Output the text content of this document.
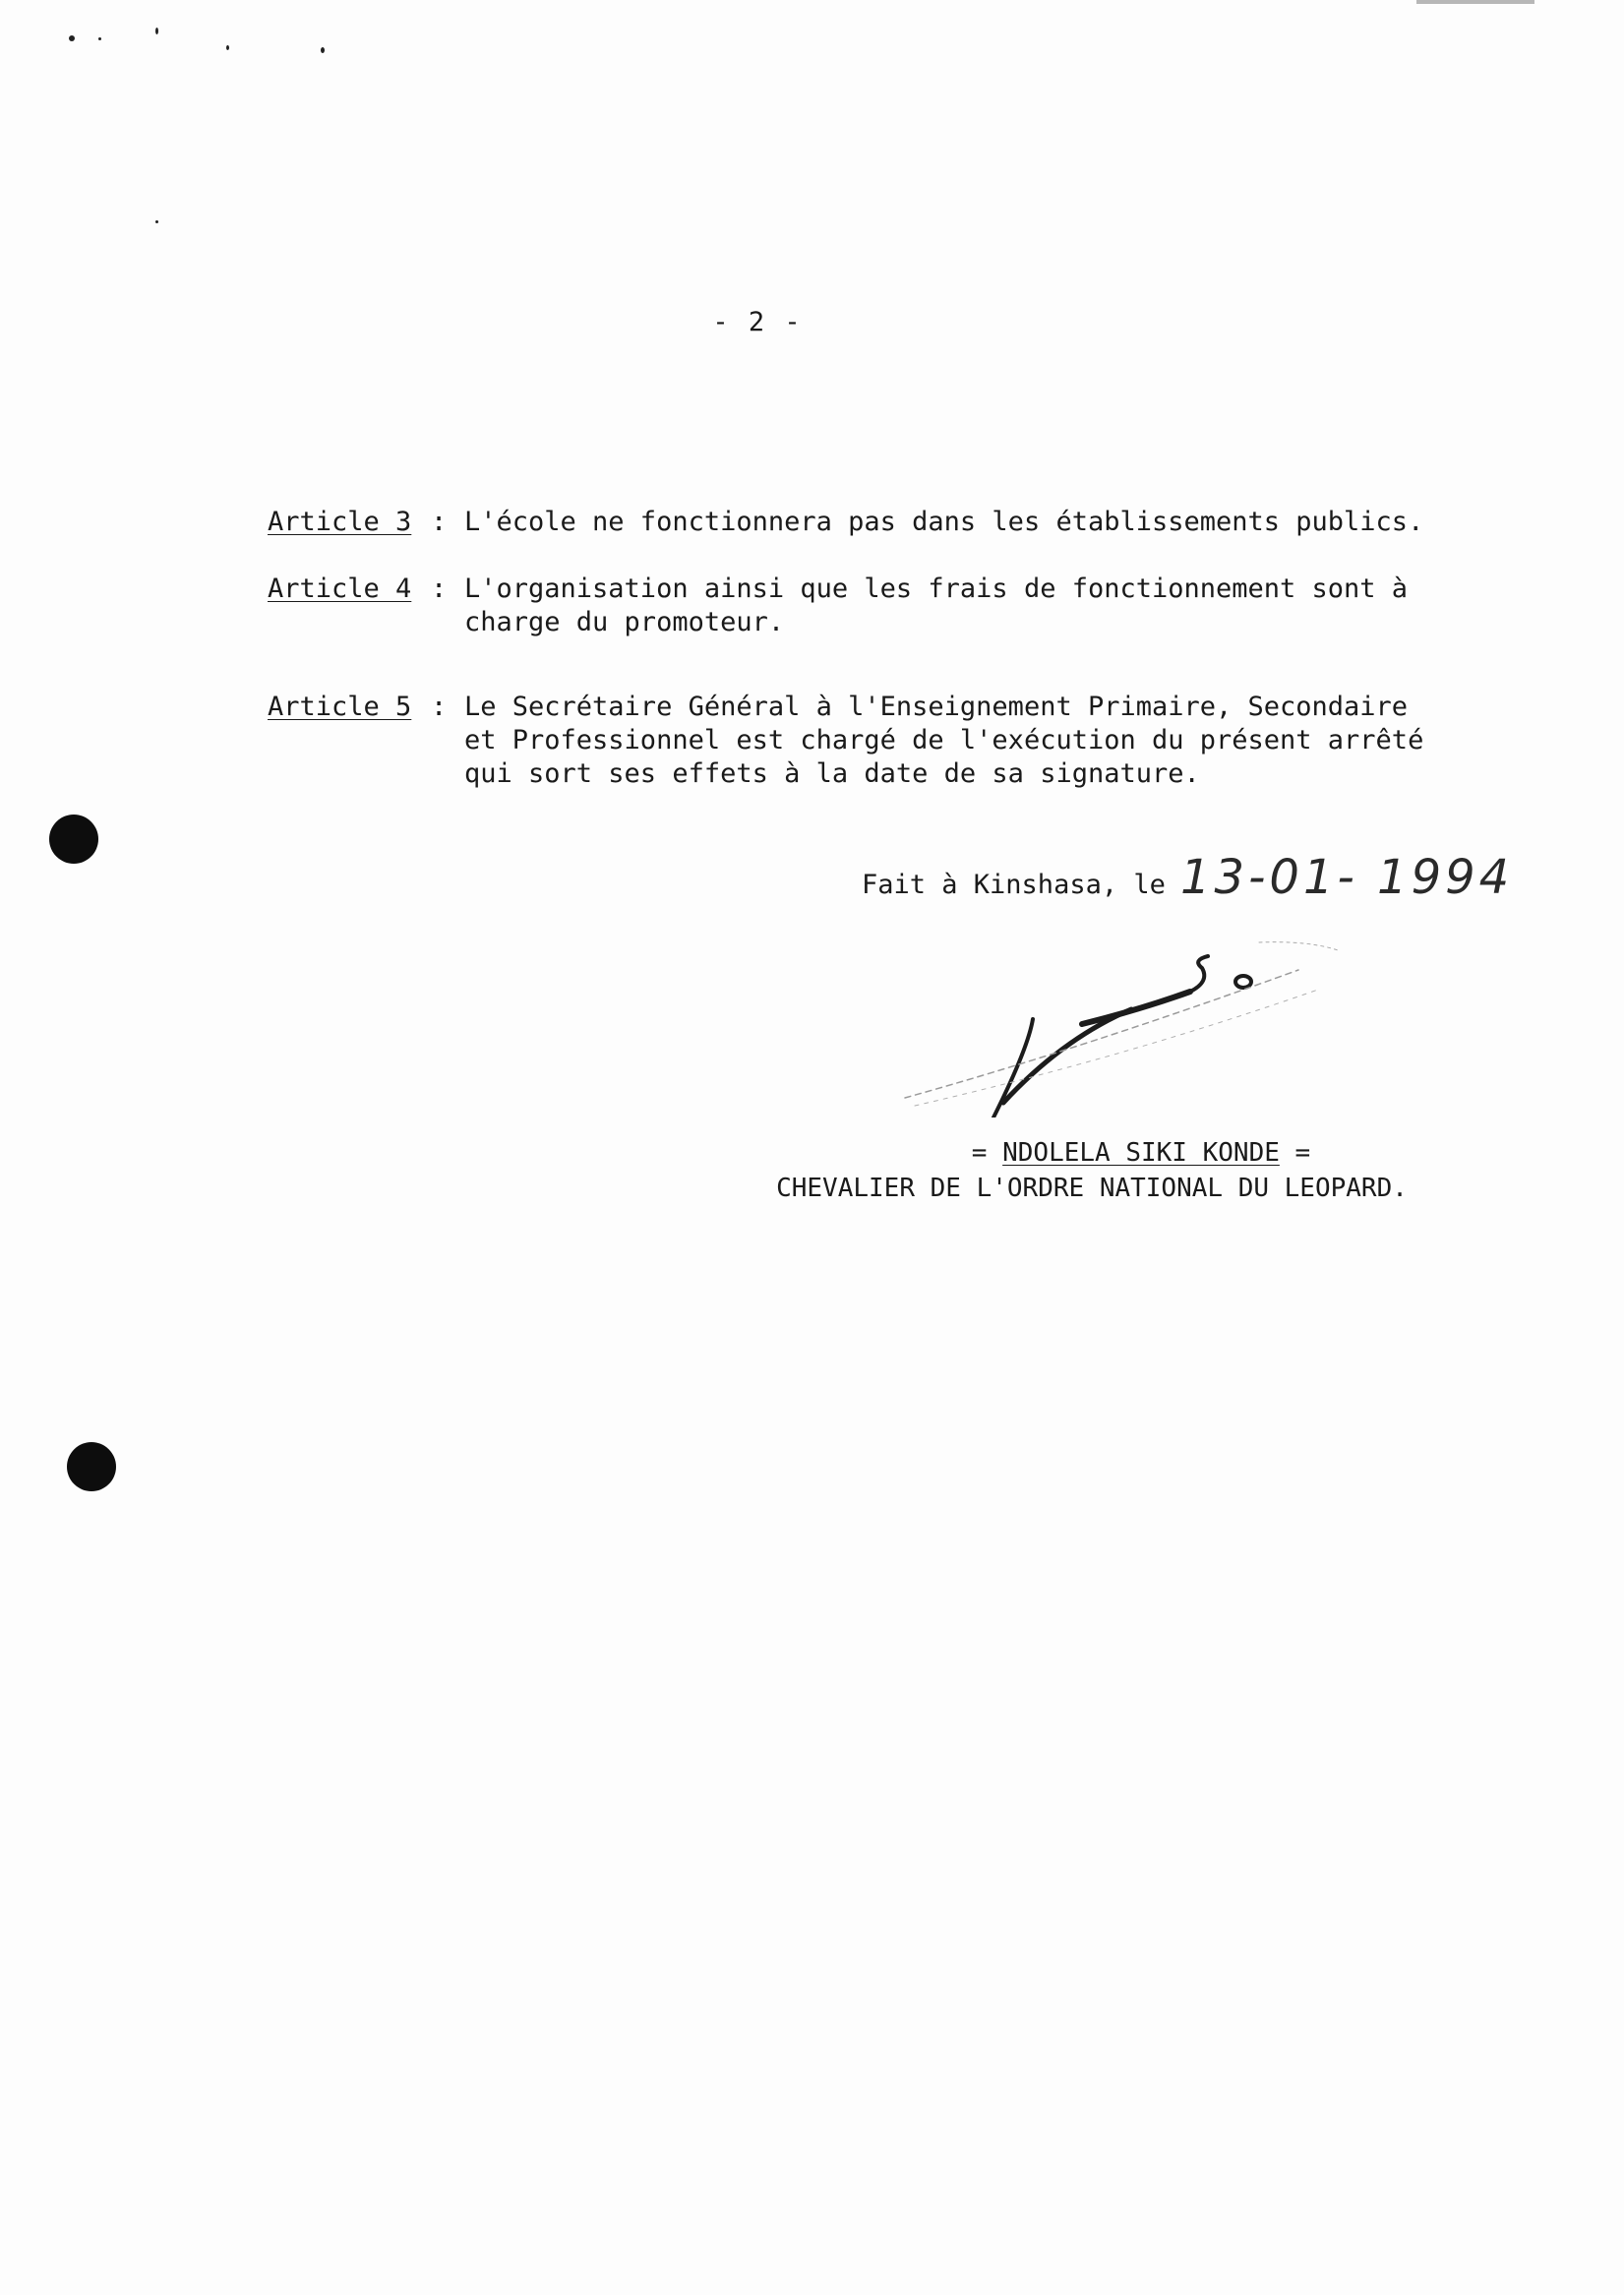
- 2 -
Article 3 : L'école ne fonctionnera pas dans les établissements publics.
Article 4 : L'organisation ainsi que les frais de fonctionnement sont à
charge du promoteur.
Article 5 : Le Secrétaire Général à l'Enseignement Primaire, Secondaire
et Professionnel est chargé de l'exécution du présent arrêté
qui sort ses effets à la date de sa signature.
Fait à Kinshasa, le 13-01- 1994
= NDOLELA SIKI KONDE =
CHEVALIER DE L'ORDRE NATIONAL DU LEOPARD.
